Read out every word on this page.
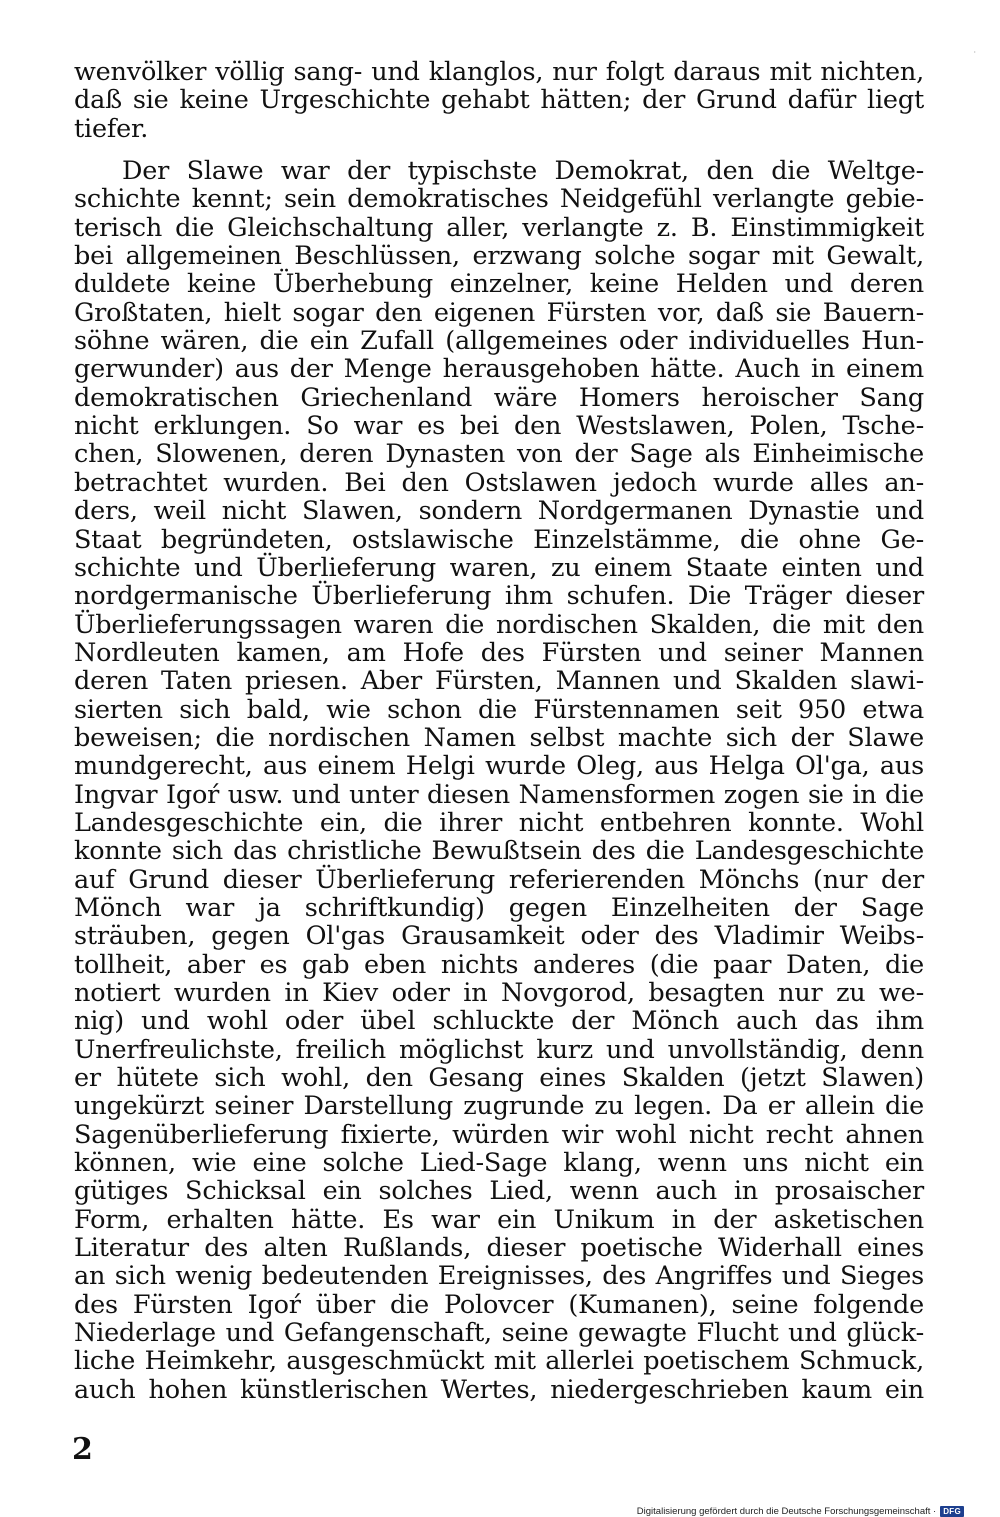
·
wenvölker völlig sang- und klanglos, nur folgt daraus mit nichten,
daß sie keine Urgeschichte gehabt hätten; der Grund dafür liegt
tiefer.
Der Slawe war der typischste Demokrat, den die Weltge-
schichte kennt; sein demokratisches Neidgefühl verlangte gebie-
terisch die Gleichschaltung aller, verlangte z. B. Einstimmigkeit
bei allgemeinen Beschlüssen, erzwang solche sogar mit Gewalt,
duldete keine Überhebung einzelner, keine Helden und deren
Großtaten, hielt sogar den eigenen Fürsten vor, daß sie Bauern-
söhne wären, die ein Zufall (allgemeines oder individuelles Hun-
gerwunder) aus der Menge herausgehoben hätte. Auch in einem
demokratischen Griechenland wäre Homers heroischer Sang
nicht erklungen. So war es bei den Westslawen, Polen, Tsche-
chen, Slowenen, deren Dynasten von der Sage als Einheimische
betrachtet wurden. Bei den Ostslawen jedoch wurde alles an-
ders, weil nicht Slawen, sondern Nordgermanen Dynastie und
Staat begründeten, ostslawische Einzelstämme, die ohne Ge-
schichte und Überlieferung waren, zu einem Staate einten und
nordgermanische Überlieferung ihm schufen. Die Träger dieser
Überlieferungssagen waren die nordischen Skalden, die mit den
Nordleuten kamen, am Hofe des Fürsten und seiner Mannen
deren Taten priesen. Aber Fürsten, Mannen und Skalden slawi-
sierten sich bald, wie schon die Fürstennamen seit 950 etwa
beweisen; die nordischen Namen selbst machte sich der Slawe
mundgerecht, aus einem Helgi wurde Oleg, aus Helga Ol'ga, aus
Ingvar Igoŕ usw. und unter diesen Namensformen zogen sie in die
Landesgeschichte ein, die ihrer nicht entbehren konnte. Wohl
konnte sich das christliche Bewußtsein des die Landesgeschichte
auf Grund dieser Überlieferung referierenden Mönchs (nur der
Mönch war ja schriftkundig) gegen Einzelheiten der Sage
sträuben, gegen Ol'gas Grausamkeit oder des Vladimir Weibs-
tollheit, aber es gab eben nichts anderes (die paar Daten, die
notiert wurden in Kiev oder in Novgorod, besagten nur zu we-
nig) und wohl oder übel schluckte der Mönch auch das ihm
Unerfreulichste, freilich möglichst kurz und unvollständig, denn
er hütete sich wohl, den Gesang eines Skalden (jetzt Slawen)
ungekürzt seiner Darstellung zugrunde zu legen. Da er allein die
Sagenüberlieferung fixierte, würden wir wohl nicht recht ahnen
können, wie eine solche Lied-Sage klang, wenn uns nicht ein
gütiges Schicksal ein solches Lied, wenn auch in prosaischer
Form, erhalten hätte. Es war ein Unikum in der asketischen
Literatur des alten Rußlands, dieser poetische Widerhall eines
an sich wenig bedeutenden Ereignisses, des Angriffes und Sieges
des Fürsten Igoŕ über die Polovcer (Kumanen), seine folgende
Niederlage und Gefangenschaft, seine gewagte Flucht und glück-
liche Heimkehr, ausgeschmückt mit allerlei poetischem Schmuck,
auch hohen künstlerischen Wertes, niedergeschrieben kaum ein
2
Digitalisierung gefördert durch die Deutsche Forschungsgemeinschaft · DFG
